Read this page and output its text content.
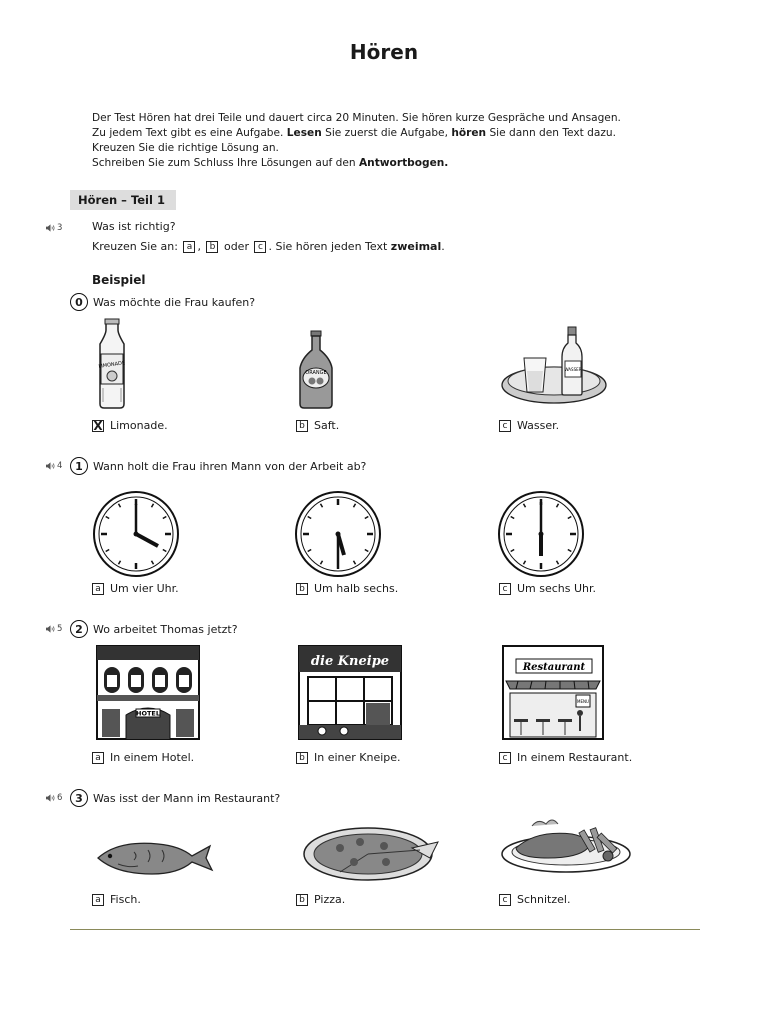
Hören
Der Test Hören hat drei Teile und dauert circa 20 Minuten. Sie hören kurze Gespräche und Ansagen.
Zu jedem Text gibt es eine Aufgabe. Lesen Sie zuerst die Aufgabe, hören Sie dann den Text dazu.
Kreuzen Sie die richtige Lösung an.
Schreiben Sie zum Schluss Ihre Lösungen auf den Antwortbogen.
Hören – Teil 1
3	Was ist richtig?
Kreuzen Sie an: a , b oder c . Sie hören jeden Text zweimal.
Beispiel
0 Was möchte die Frau kaufen?
LIMONADE
ORANGE
WASSER
X Limonade.	b Saft.	c Wasser.
4	1 Wann holt die Frau ihren Mann von der Arbeit ab?
a Um vier Uhr.	b Um halb sechs.	c Um sechs Uhr.
5	2 Wo arbeitet Thomas jetzt?
HOTEL
die Kneipe	Restaurant
MENU
a In einem Hotel.	b In einer Kneipe.	c In einem Restaurant.
6	3 Was isst der Mann im Restaurant?
a Fisch.	b Pizza.	c Schnitzel.
